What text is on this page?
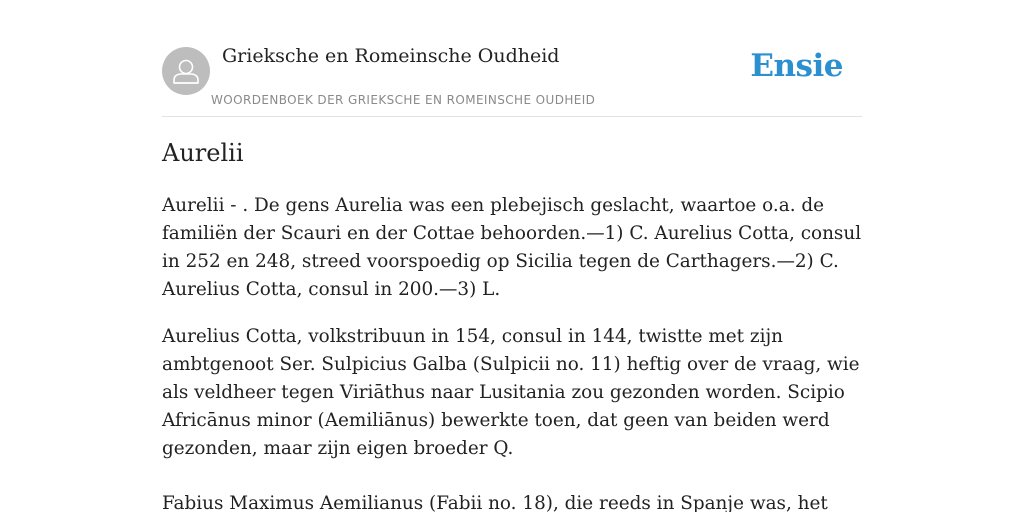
Grieksche en Romeinsche Oudheid
WOORDENBOEK DER GRIEKSCHE EN ROMEINSCHE OUDHEID
Ensie
Aurelii

Aurelii - . De gens Aurelia was een plebejisch geslacht, waartoe o.a. de familiën der Scauri en der Cottae behoorden.—1) C. Aurelius Cotta, consul in 252 en 248, streed voorspoedig op Sicilia tegen de Carthagers.—2) C. Aurelius Cotta, consul in 200.—3) L.

Aurelius Cotta, volkstribuun in 154, consul in 144, twistte met zijn ambtgenoot Ser. Sulpicius Galba (Sulpicii no. 11) heftig over de vraag, wie als veldheer tegen Viriāthus naar Lusitania zou gezonden worden. Scipio Africānus minor (Aemiliānus) bewerkte toen, dat geen van beiden werd gezonden, maar zijn eigen broeder Q.

Fabius Maximus Aemilianus (Fabii no. 18), die reeds in Spanje was, het
